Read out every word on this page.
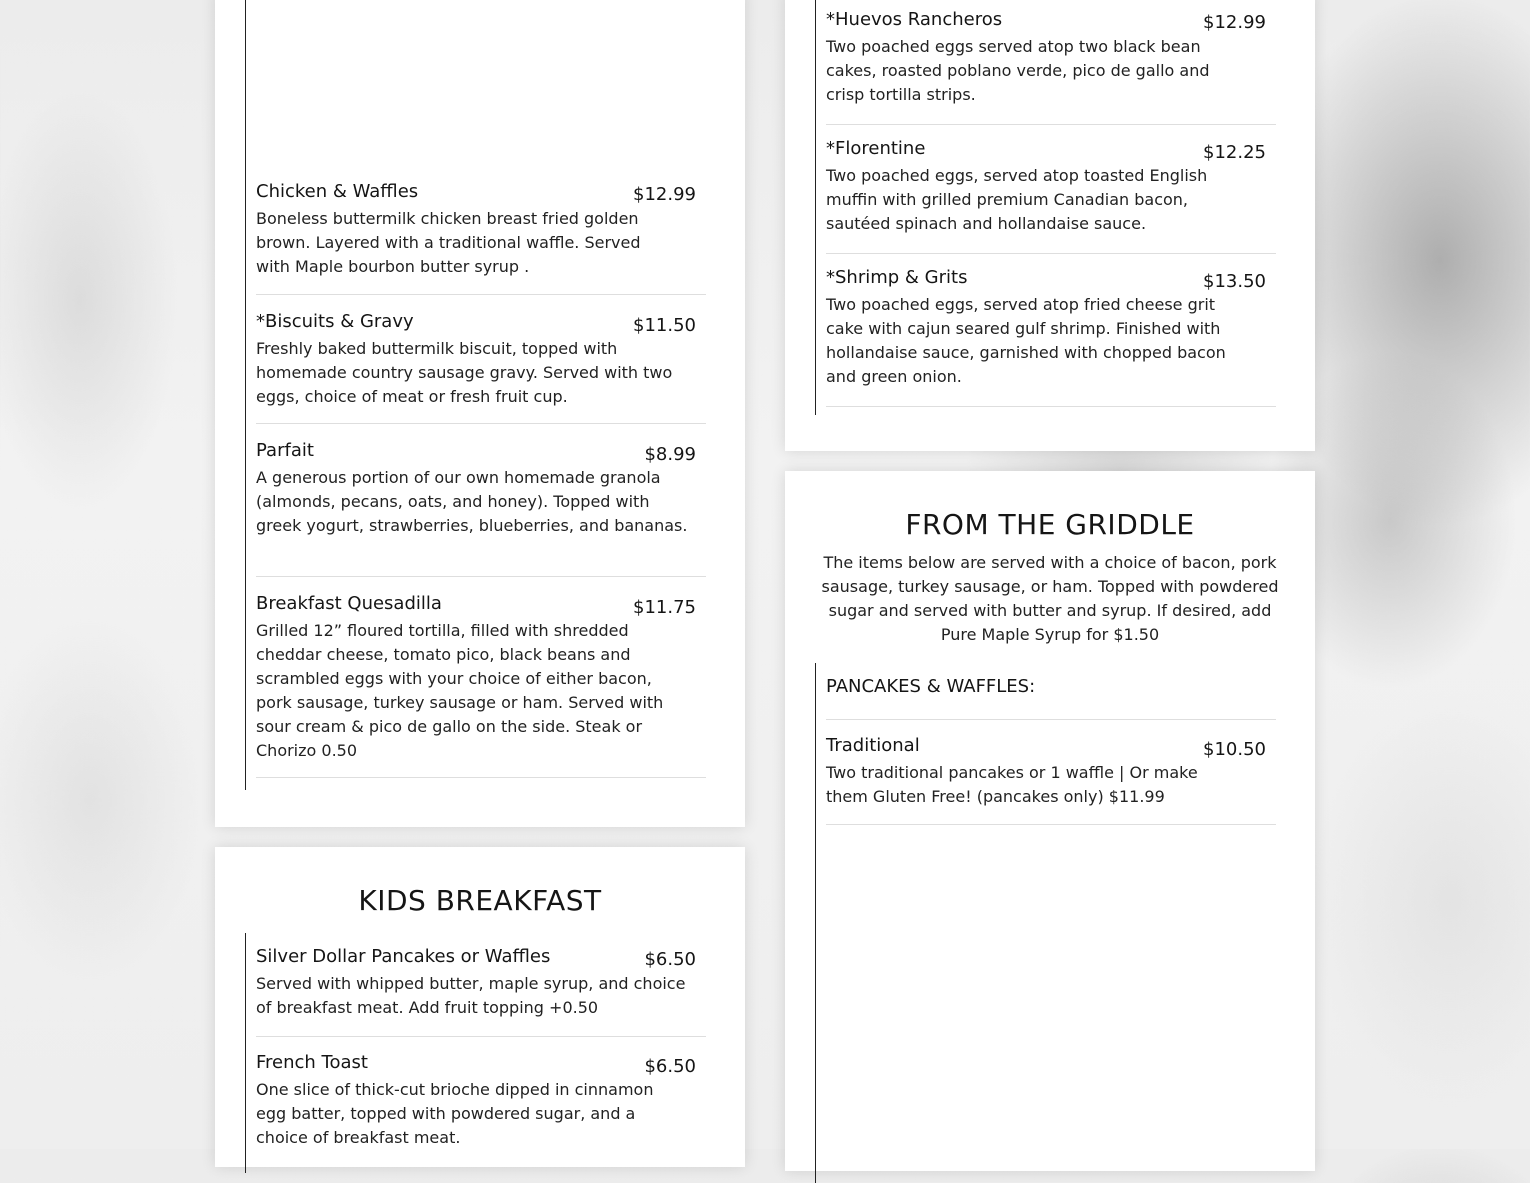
$12.99
Chicken & Waffles
Boneless buttermilk chicken breast fried golden brown. Layered with a traditional waffle. Served with Maple bourbon butter syrup .
$11.50
*Biscuits & Gravy
Freshly baked buttermilk biscuit, topped with homemade country sausage gravy. Served with two eggs, choice of meat or fresh fruit cup.
$8.99
Parfait
A generous portion of our own homemade granola (almonds, pecans, oats, and honey). Topped with greek yogurt, strawberries, blueberries, and bananas.
$11.75
Breakfast Quesadilla
Grilled 12” floured tortilla, filled with shredded cheddar cheese, tomato pico, black beans and scrambled eggs with your choice of either bacon, pork sausage, turkey sausage or ham. Served with sour cream & pico de gallo on the side. Steak or Chorizo 0.50
KIDS BREAKFAST
$6.50
Silver Dollar Pancakes or Waffles
Served with whipped butter, maple syrup, and choice of breakfast meat. Add fruit topping +0.50
$6.50
French Toast
One slice of thick-cut brioche dipped in cinnamon egg batter, topped with powdered sugar, and a choice of breakfast meat.
$12.99
*Huevos Rancheros
Two poached eggs served atop two black bean cakes, roasted poblano verde, pico de gallo and crisp tortilla strips.
$12.25
*Florentine
Two poached eggs, served atop toasted English muffin with grilled premium Canadian bacon, sautéed spinach and hollandaise sauce.
$13.50
*Shrimp & Grits
Two poached eggs, served atop fried cheese grit cake with cajun seared gulf shrimp. Finished with hollandaise sauce, garnished with chopped bacon and green onion.
FROM THE GRIDDLE

The items below are served with a choice of bacon, pork sausage, turkey sausage, or ham. Topped with powdered sugar and served with butter and syrup. If desired, add Pure Maple Syrup for $1.50

PANCAKES & WAFFLES:
$10.50
Traditional
Two traditional pancakes or 1 waffle | Or make them Gluten Free! (pancakes only) $11.99
